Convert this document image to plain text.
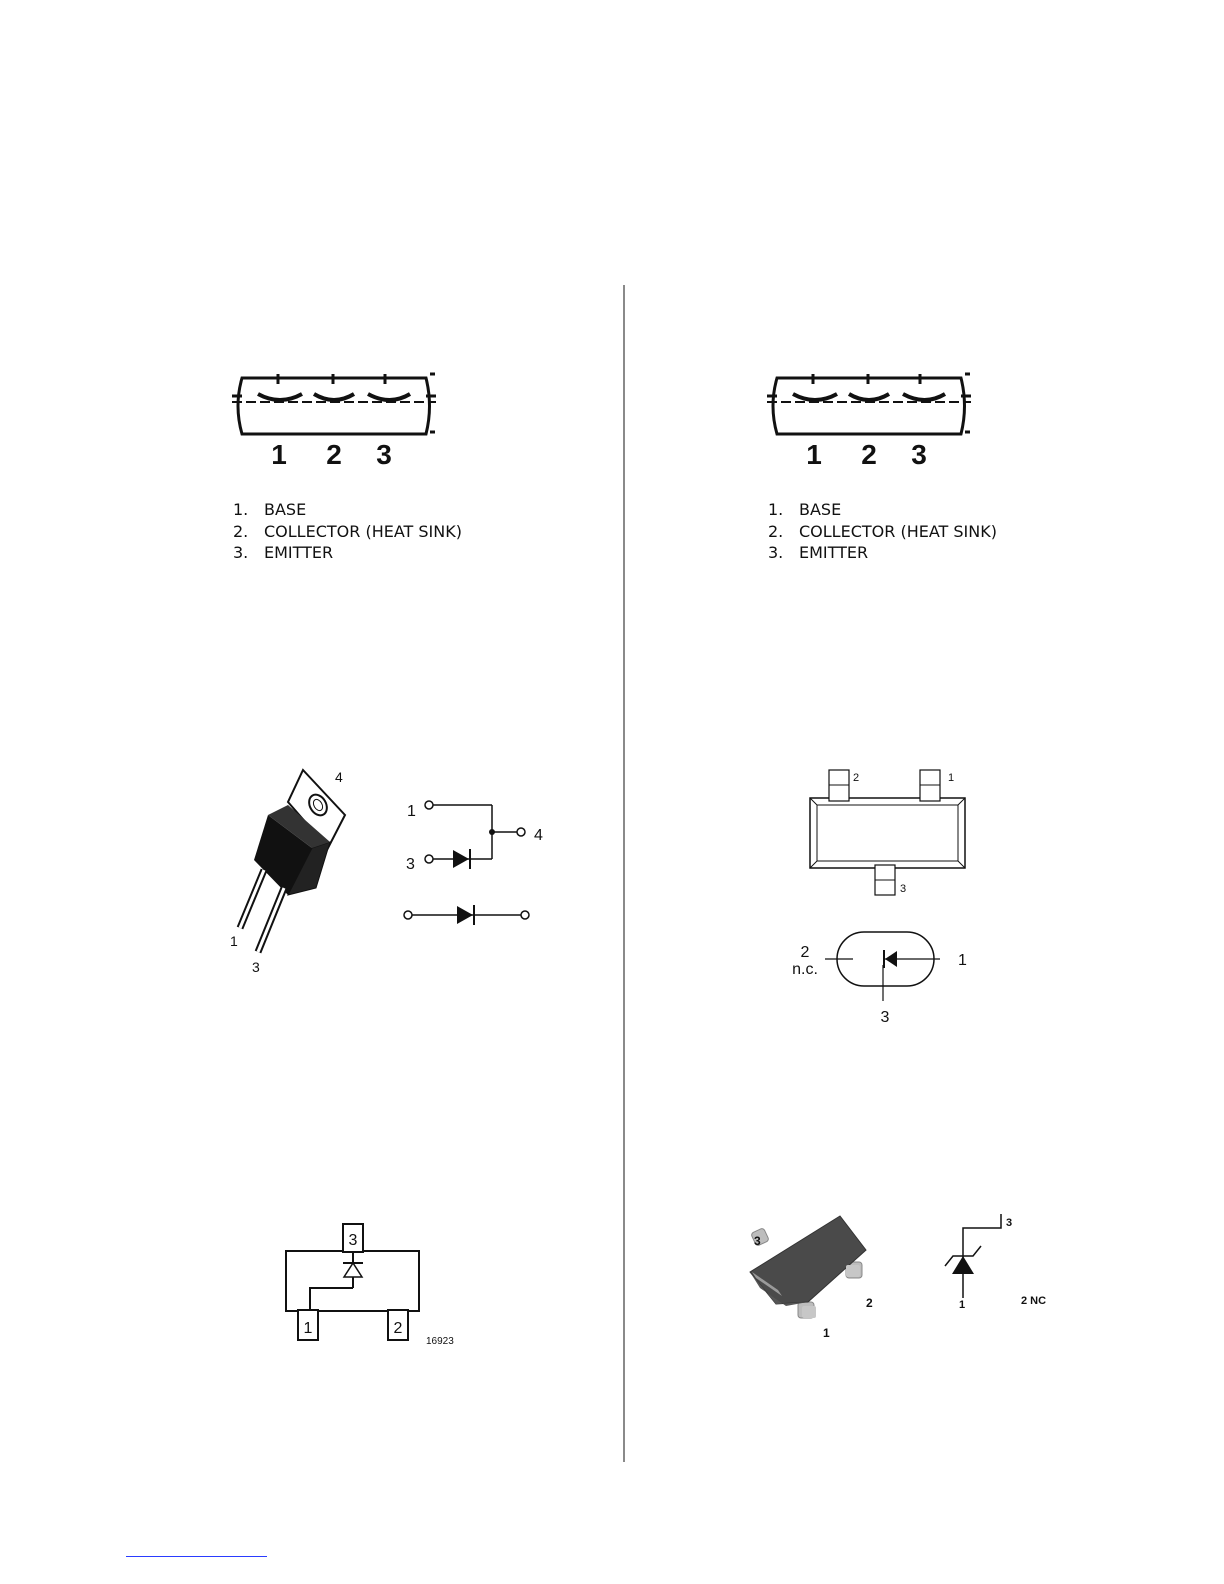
1 2 3
1. BASE
2. COLLECTOR (HEAT SINK)
3. EMITTER
1 2 3
1. BASE
2. COLLECTOR (HEAT SINK)
3. EMITTER
4
1
3
1
3
4
2	1
3
2
n.c.
1
3
3
1	2
16923
3
2
1
3
1	2 NC
